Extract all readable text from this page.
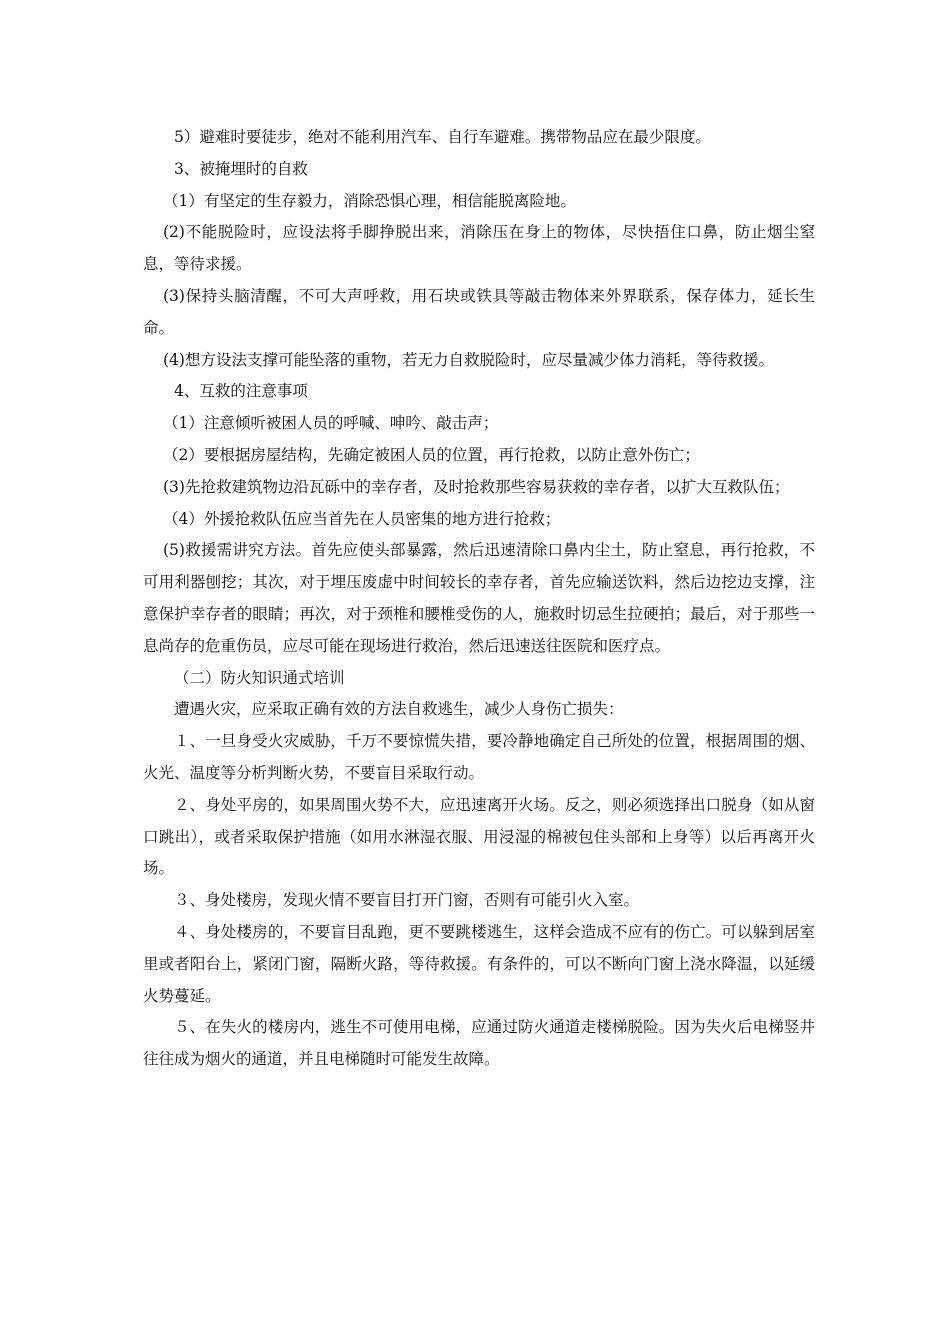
5）避难时要徒步，绝对不能利用汽车、自行车避难。携带物品应在最少限度。

3、被掩埋时的自救

（1）有坚定的生存毅力，消除恐惧心理，相信能脱离险地。

(2)不能脱险时，应设法将手脚挣脱出来，消除压在身上的物体，尽快捂住口鼻，防止烟尘窒息，等待求援。

(3)保持头脑清醒，不可大声呼救，用石块或铁具等敲击物体来外界联系，保存体力，延长生命。

(4)想方设法支撑可能坠落的重物，若无力自救脱险时，应尽量减少体力消耗，等待救援。

4、互救的注意事项

（1）注意倾听被困人员的呼喊、呻吟、敲击声；

（2）要根据房屋结构，先确定被困人员的位置，再行抢救，以防止意外伤亡；

(3)先抢救建筑物边沿瓦砾中的幸存者，及时抢救那些容易获救的幸存者，以扩大互救队伍；

（4）外援抢救队伍应当首先在人员密集的地方进行抢救；

(5)救援需讲究方法。首先应使头部暴露，然后迅速清除口鼻内尘土，防止窒息，再行抢救，不可用利器刨挖；其次，对于埋压废虚中时间较长的幸存者，首先应输送饮料，然后边挖边支撑，注意保护幸存者的眼睛；再次，对于颈椎和腰椎受伤的人，施救时切忌生拉硬拍；最后，对于那些一息尚存的危重伤员，应尽可能在现场进行救治，然后迅速送往医院和医疗点。

（二）防火知识通式培训

遭遇火灾，应采取正确有效的方法自救逃生，减少人身伤亡损失：

１、一旦身受火灾威胁，千万不要惊慌失措，要冷静地确定自己所处的位置，根据周围的烟、火光、温度等分析判断火势，不要盲目采取行动。

２、身处平房的，如果周围火势不大，应迅速离开火场。反之，则必须选择出口脱身（如从窗口跳出），或者采取保护措施（如用水淋湿衣服、用浸湿的棉被包住头部和上身等）以后再离开火场。

３、身处楼房，发现火情不要盲目打开门窗，否则有可能引火入室。

４、身处楼房的，不要盲目乱跑，更不要跳楼逃生，这样会造成不应有的伤亡。可以躲到居室里或者阳台上，紧闭门窗，隔断火路，等待救援。有条件的，可以不断向门窗上浇水降温，以延缓火势蔓延。

５、在失火的楼房内，逃生不可使用电梯，应通过防火通道走楼梯脱险。因为失火后电梯竖井往往成为烟火的通道，并且电梯随时可能发生故障。
